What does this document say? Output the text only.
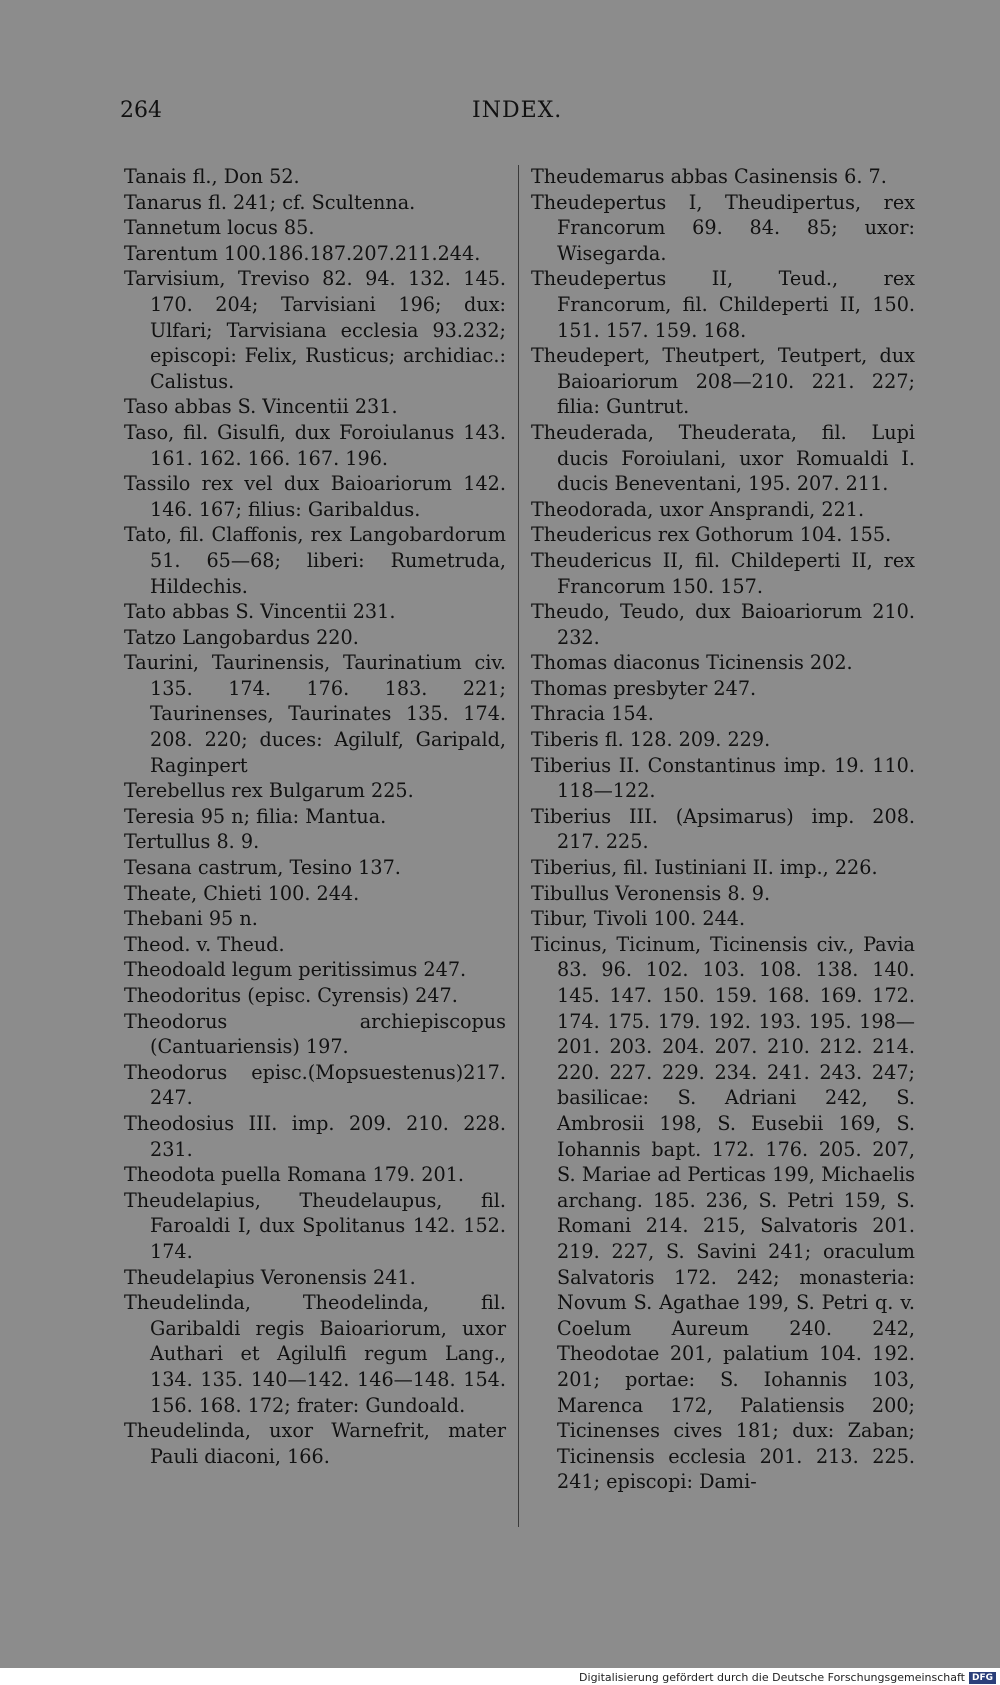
264	INDEX.
Tanais fl., Don 52.
Tanarus fl. 241; cf. Scultenna.
Tannetum locus 85.
Tarentum 100.186.187.207.211.244.
Tarvisium, Treviso 82. 94. 132. 145. 170. 204; Tarvisiani 196; dux: Ulfari; Tarvisiana ecclesia 93.232; episcopi: Felix, Rusticus; archidiac.: Calistus.
Taso abbas S. Vincentii 231.
Taso, fil. Gisulfi, dux Foroiulanus 143. 161. 162. 166. 167. 196.
Tassilo rex vel dux Baioariorum 142. 146. 167; filius: Garibaldus.
Tato, fil. Claffonis, rex Langobardorum 51. 65—68; liberi: Rumetruda, Hildechis.
Tato abbas S. Vincentii 231.
Tatzo Langobardus 220.
Taurini, Taurinensis, Taurinatium civ. 135. 174. 176. 183. 221; Taurinenses, Taurinates 135. 174. 208. 220; duces: Agilulf, Garipald, Raginpert
Terebellus rex Bulgarum 225.
Teresia 95 n; filia: Mantua.
Tertullus 8. 9.
Tesana castrum, Tesino 137.
Theate, Chieti 100. 244.
Thebani 95 n.
Theod. v. Theud.
Theodoald legum peritissimus 247.
Theodoritus (episc. Cyrensis) 247.
Theodorus archiepiscopus (Cantuariensis) 197.
Theodorus episc.(Mopsuestenus)217. 247.
Theodosius III. imp. 209. 210. 228. 231.
Theodota puella Romana 179. 201.
Theudelapius, Theudelaupus, fil. Faroaldi I, dux Spolitanus 142. 152. 174.
Theudelapius Veronensis 241.
Theudelinda, Theodelinda, fil. Garibaldi regis Baioariorum, uxor Authari et Agilulfi regum Lang., 134. 135. 140—142. 146—148. 154. 156. 168. 172; frater: Gundoald.
Theudelinda, uxor Warnefrit, mater Pauli diaconi, 166.
Theudemarus abbas Casinensis 6. 7.
Theudepertus I, Theudipertus, rex Francorum 69. 84. 85; uxor: Wisegarda.
Theudepertus II, Teud., rex Francorum, fil. Childeperti II, 150. 151. 157. 159. 168.
Theudepert, Theutpert, Teutpert, dux Baioariorum 208—210. 221. 227; filia: Guntrut.
Theuderada, Theuderata, fil. Lupi ducis Foroiulani, uxor Romualdi I. ducis Beneventani, 195. 207. 211.
Theodorada, uxor Ansprandi, 221.
Theudericus rex Gothorum 104. 155.
Theudericus II, fil. Childeperti II, rex Francorum 150. 157.
Theudo, Teudo, dux Baioariorum 210. 232.
Thomas diaconus Ticinensis 202.
Thomas presbyter 247.
Thracia 154.
Tiberis fl. 128. 209. 229.
Tiberius II. Constantinus imp. 19. 110. 118—122.
Tiberius III. (Apsimarus) imp. 208. 217. 225.
Tiberius, fil. Iustiniani II. imp., 226.
Tibullus Veronensis 8. 9.
Tibur, Tivoli 100. 244.
Ticinus, Ticinum, Ticinensis civ., Pavia 83. 96. 102. 103. 108. 138. 140. 145. 147. 150. 159. 168. 169. 172. 174. 175. 179. 192. 193. 195. 198—201. 203. 204. 207. 210. 212. 214. 220. 227. 229. 234. 241. 243. 247; basilicae: S. Adriani 242, S. Ambrosii 198, S. Eusebii 169, S. Iohannis bapt. 172. 176. 205. 207, S. Mariae ad Perticas 199, Michaelis archang. 185. 236, S. Petri 159, S. Romani 214. 215, Salvatoris 201. 219. 227, S. Savini 241; oraculum Salvatoris 172. 242; monasteria: Novum S. Agathae 199, S. Petri q. v. Coelum Aureum 240. 242, Theodotae 201, palatium 104. 192. 201; portae: S. Iohannis 103, Marenca 172, Palatiensis 200; Ticinenses cives 181; dux: Zaban; Ticinensis ecclesia 201. 213. 225. 241; episcopi: Dami-
Digitalisierung gefördert durch die Deutsche Forschungsgemeinschaft DFG
